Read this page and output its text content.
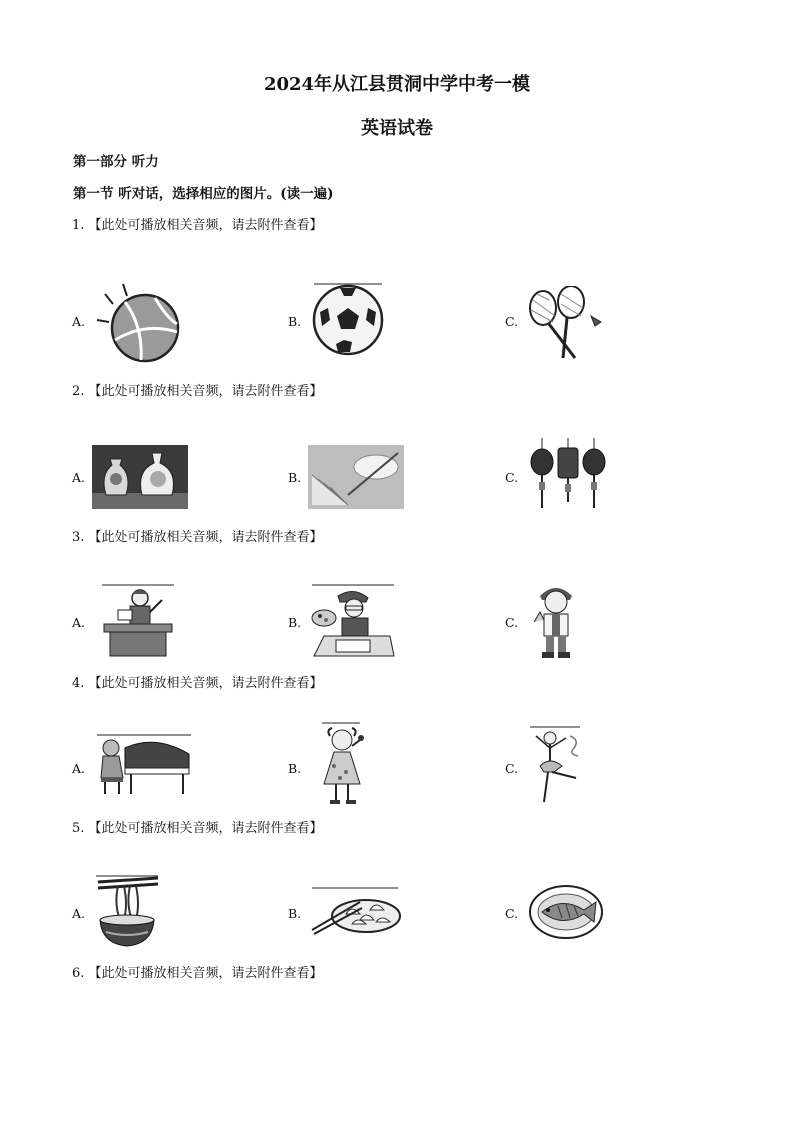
2024年从江县贯洞中学中考一模
英语试卷
第一部分 听力
第一节 听对话，选择相应的图片。(读一遍)
1. 【此处可播放相关音频，请去附件查看】
A.	B.	C.
2. 【此处可播放相关音频，请去附件查看】
A.	B.	C.
3. 【此处可播放相关音频，请去附件查看】
A.	B.	C.
4. 【此处可播放相关音频，请去附件查看】
A.	B.	C.
5. 【此处可播放相关音频，请去附件查看】
A.	B.	C.
6. 【此处可播放相关音频，请去附件查看】
